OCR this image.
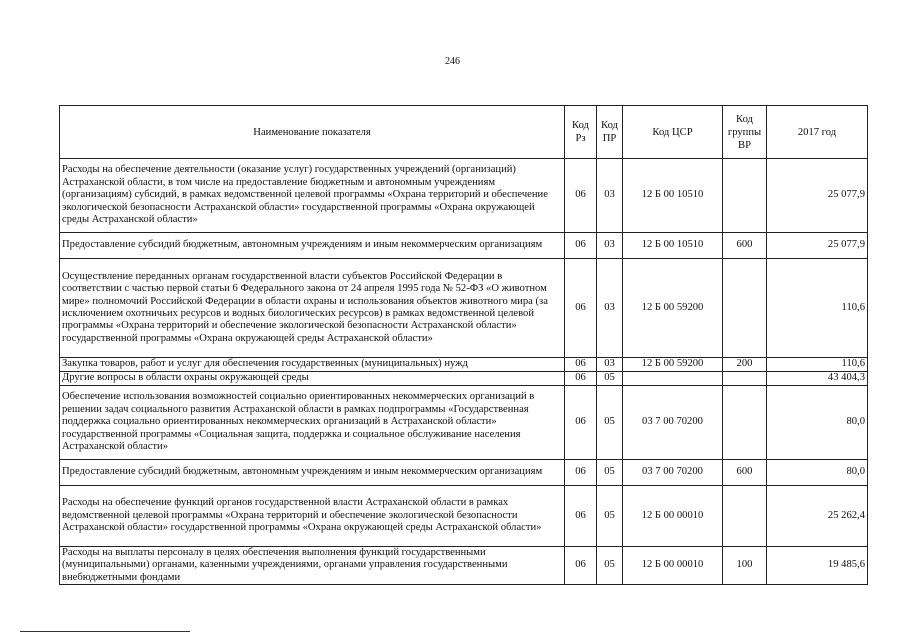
246
Наименование показателя	Код Рз	Код ПР	Код ЦСР	Код группы ВР	2017 год
Расходы на обеспечение деятельности (оказание услуг) государственных учреждений (организаций) Астраханской области, в том числе на предоставление бюджетным и автономным учреждениям (организациям) субсидий, в рамках ведомственной целевой программы «Охрана территорий и обеспечение экологической безопасности Астраханской области» государственной программы «Охрана окружающей среды Астраханской области»	06	03	12 Б 00 10510		25 077,9
Предоставление субсидий бюджетным, автономным учреждениям и иным некоммерческим организациям	06	03	12 Б 00 10510	600	25 077,9
Осуществление переданных органам государственной власти субъектов Российской Федерации в соответствии с частью первой статьи 6 Федерального закона от 24 апреля 1995 года № 52-ФЗ «О животном мире» полномочий Российской Федерации в области охраны и использования объектов животного мира (за исключением охотничьих ресурсов и водных биологических ресурсов) в рамках ведомственной целевой программы «Охрана территорий и обеспечение экологической безопасности Астраханской области» государственной программы «Охрана окружающей среды Астраханской области»	06	03	12 Б 00 59200		110,6
Закупка товаров, работ и услуг для обеспечения государственных (муниципальных) нужд	06	03	12 Б 00 59200	200	110,6
Другие вопросы в области охраны окружающей среды	06	05			43 404,3
Обеспечение использования возможностей социально ориентированных некоммерческих организаций в решении задач социального развития Астраханской области в рамках подпрограммы «Государственная поддержка социально ориентированных некоммерческих организаций в Астраханской области» государственной программы «Социальная защита, поддержка и социальное обслуживание населения Астраханской области»	06	05	03 7 00 70200		80,0
Предоставление субсидий бюджетным, автономным учреждениям и иным некоммерческим организациям	06	05	03 7 00 70200	600	80,0
Расходы на обеспечение функций органов государственной власти Астраханской области в рамках ведомственной целевой программы «Охрана территорий и обеспечение экологической безопасности Астраханской области» государственной программы «Охрана окружающей среды Астраханской области»	06	05	12 Б 00 00010		25 262,4
Расходы на выплаты персоналу в целях обеспечения выполнения функций государственными (муниципальными) органами, казенными учреждениями, органами управления государственными внебюджетными фондами	06	05	12 Б 00 00010	100	19 485,6
